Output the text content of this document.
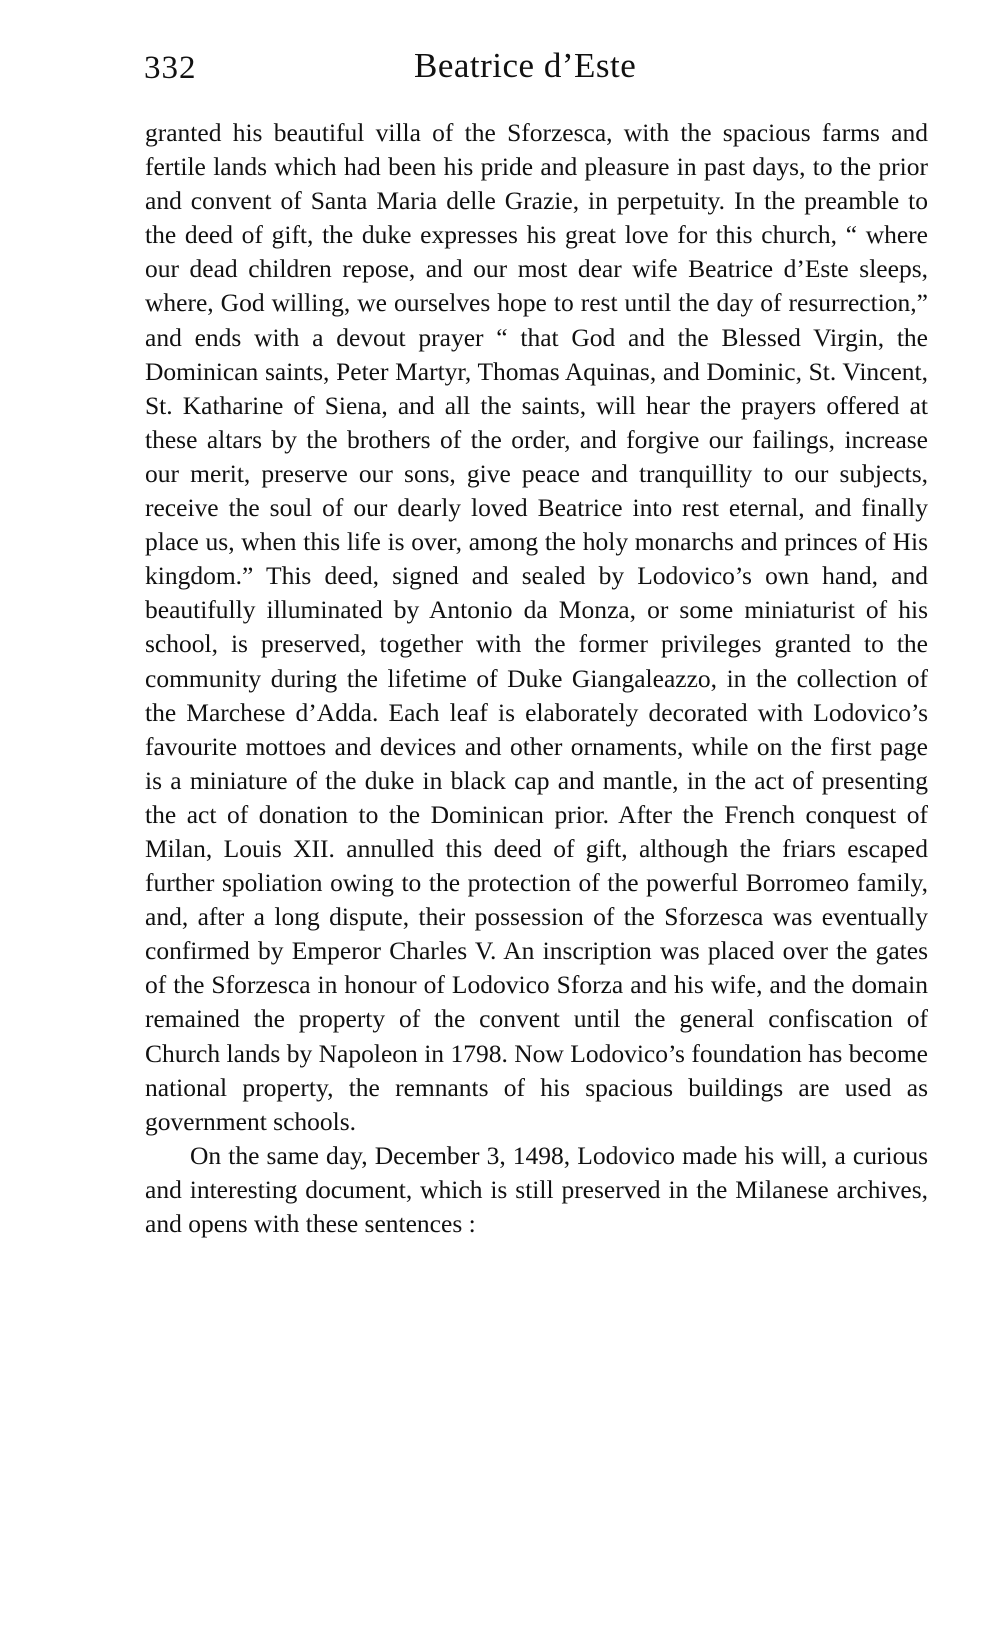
332	Beatrice d’Este

granted his beautiful villa of the Sforzesca, with the spacious farms and fertile lands which had been his pride and pleasure in past days, to the prior and convent of Santa Maria delle Grazie, in perpetuity. In the preamble to the deed of gift, the duke expresses his great love for this church, “ where our dead children repose, and our most dear wife Beatrice d’Este sleeps, where, God willing, we ourselves hope to rest until the day of resurrection,” and ends with a devout prayer “ that God and the Blessed Virgin, the Dominican saints, Peter Martyr, Thomas Aquinas, and Dominic, St. Vincent, St. Katharine of Siena, and all the saints, will hear the prayers offered at these altars by the brothers of the order, and forgive our failings, increase our merit, preserve our sons, give peace and tranquillity to our subjects, receive the soul of our dearly loved Beatrice into rest eternal, and finally place us, when this life is over, among the holy monarchs and princes of His kingdom.” This deed, signed and sealed by Lodovico’s own hand, and beautifully illuminated by Antonio da Monza, or some miniaturist of his school, is preserved, together with the former privileges granted to the community during the lifetime of Duke Giangaleazzo, in the collection of the Marchese d’Adda. Each leaf is elaborately decorated with Lodovico’s favourite mottoes and devices and other ornaments, while on the first page is a miniature of the duke in black cap and mantle, in the act of presenting the act of donation to the Dominican prior. After the French conquest of Milan, Louis XII. annulled this deed of gift, although the friars escaped further spoliation owing to the protection of the powerful Borromeo family, and, after a long dispute, their possession of the Sforzesca was eventually confirmed by Emperor Charles V. An inscription was placed over the gates of the Sforzesca in honour of Lodovico Sforza and his wife, and the domain remained the property of the convent until the general confiscation of Church lands by Napoleon in 1798. Now Lodovico’s foundation has become national property, the remnants of his spacious buildings are used as government schools.

On the same day, December 3, 1498, Lodovico made his will, a curious and interesting document, which is still preserved in the Milanese archives, and opens with these sentences :
